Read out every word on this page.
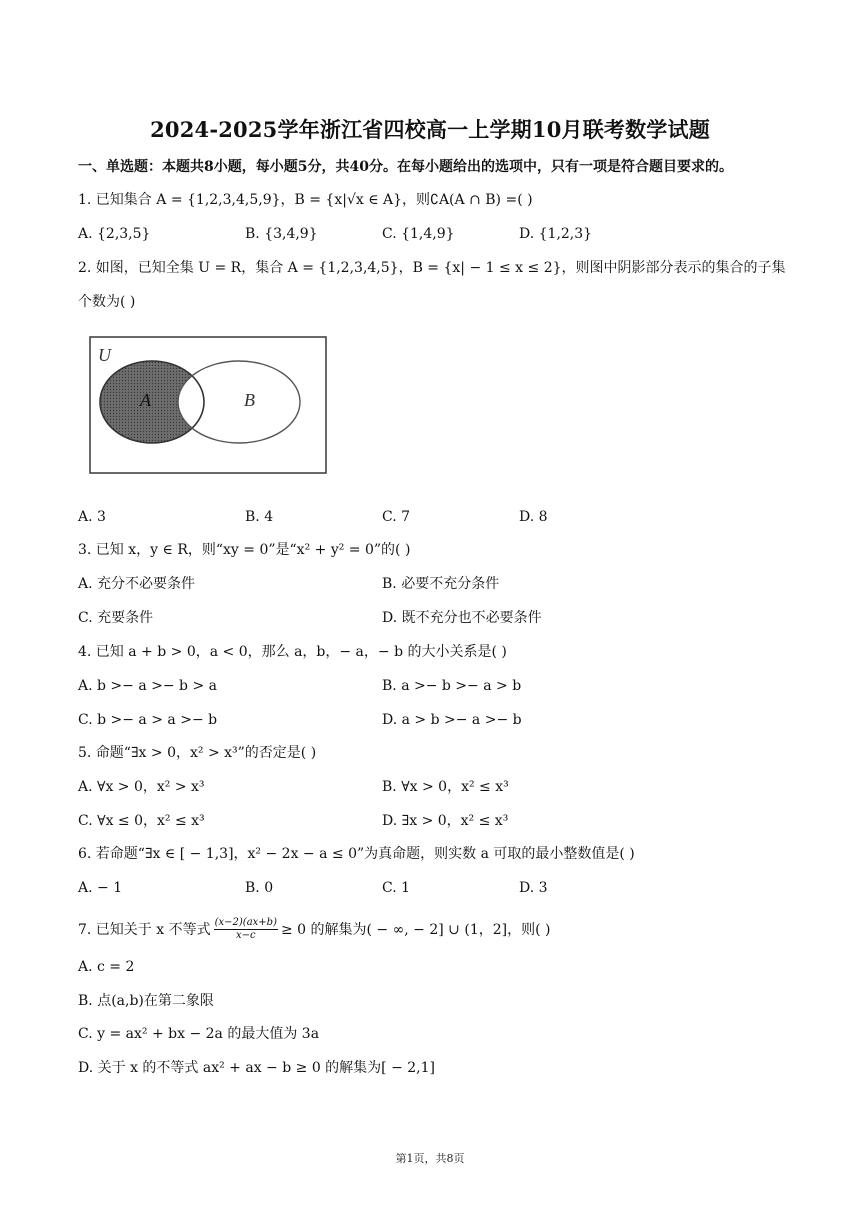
2024-2025学年浙江省四校高一上学期10月联考数学试题
一、单选题：本题共8小题，每小题5分，共40分。在每小题给出的选项中，只有一项是符合题目要求的。
1. 已知集合 A = {1,2,3,4,5,9}，B = {x|√x ∈ A}，则∁A(A ∩ B) =( )
A. {2,3,5}	B. {3,4,9}	C. {1,4,9}	D. {1,2,3}
2. 如图，已知全集 U = R，集合 A = {1,2,3,4,5}，B = {x| − 1 ≤ x ≤ 2}，则图中阴影部分表示的集合的子集
个数为( )
U
A	B
A. 3	B. 4	C. 7	D. 8
3. 已知 x，y ∈ R，则“xy = 0”是“x² + y² = 0”的( )
A. 充分不必要条件	B. 必要不充分条件
C. 充要条件	D. 既不充分也不必要条件
4. 已知 a + b > 0，a < 0，那么 a，b，− a，− b 的大小关系是( )
A. b >− a >− b > a	B. a >− b >− a > b
C. b >− a > a >− b	D. a > b >− a >− b
5. 命题“∃x > 0，x² > x³”的否定是( )
A. ∀x > 0，x² > x³	B. ∀x > 0，x² ≤ x³
C. ∀x ≤ 0，x² ≤ x³	D. ∃x > 0，x² ≤ x³
6. 若命题“∃x ∈ [ − 1,3]，x² − 2x − a ≤ 0”为真命题，则实数 a 可取的最小整数值是( )
A. − 1	B. 0	C. 1	D. 3
7. 已知关于 x 不等式 $\frac{(x-2)(ax+b)}{x-c} \ge 0$ 的解集为( − ∞, − 2] ∪ (1，2]，则( )
A. c = 2
B. 点(a,b)在第二象限
C. y = ax² + bx − 2a 的最大值为 3a
D. 关于 x 的不等式 ax² + ax − b ≥ 0 的解集为[ − 2,1]
第1页，共8页
